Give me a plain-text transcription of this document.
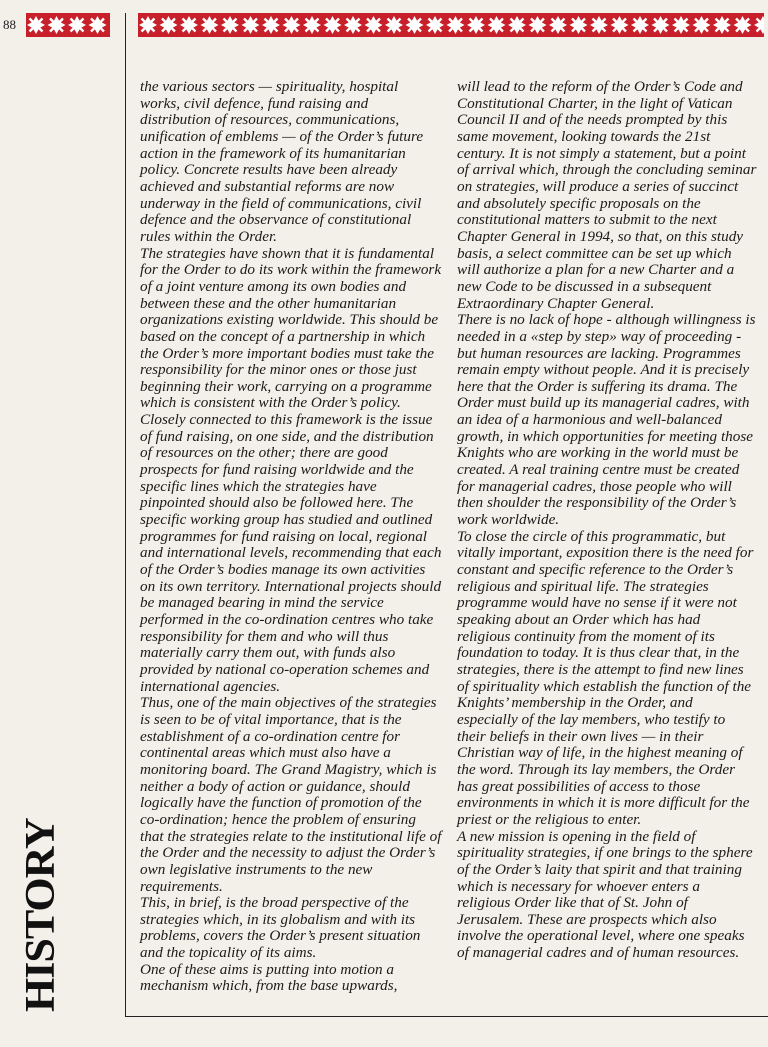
88
HISTORY

the various sectors — spirituality, hospital works, civil defence, fund raising and distribution of resources, communications, unification of emblems — of the Order’s future action in the framework of its humanitarian policy. Concrete results have been already achieved and substantial reforms are now underway in the field of communications, civil defence and the observance of constitutional rules within the Order.

The strategies have shown that it is fundamental for the Order to do its work within the framework of a joint venture among its own bodies and between these and the other humanitarian organizations existing worldwide. This should be based on the concept of a partnership in which the Order’s more important bodies must take the responsibility for the minor ones or those just beginning their work, carrying on a programme which is consistent with the Order’s policy.

Closely connected to this framework is the issue of fund raising, on one side, and the distribution of resources on the other; there are good prospects for fund raising worldwide and the specific lines which the strategies have pinpointed should also be followed here. The specific working group has studied and outlined programmes for fund raising on local, regional and international levels, recommending that each of the Order’s bodies manage its own activities on its own territory. International projects should be managed bearing in mind the service performed in the co-ordination centres who take responsibility for them and who will thus materially carry them out, with funds also provided by national co-operation schemes and international agencies.

Thus, one of the main objectives of the strategies is seen to be of vital importance, that is the establishment of a co-ordination centre for continental areas which must also have a monitoring board. The Grand Magistry, which is neither a body of action or guidance, should logically have the function of promotion of the co-ordination; hence the problem of ensuring that the strategies relate to the institutional life of the Order and the necessity to adjust the Order’s own legislative instruments to the new requirements.

This, in brief, is the broad perspective of the strategies which, in its globalism and with its problems, covers the Order’s present situation and the topicality of its aims.

One of these aims is putting into motion a mechanism which, from the base upwards,

will lead to the reform of the Order’s Code and Constitutional Charter, in the light of Vatican Council II and of the needs prompted by this same movement, looking towards the 21st century. It is not simply a statement, but a point of arrival which, through the concluding seminar on strategies, will produce a series of succinct and absolutely specific proposals on the constitutional matters to submit to the next Chapter General in 1994, so that, on this study basis, a select committee can be set up which will authorize a plan for a new Charter and a new Code to be discussed in a subsequent Extraordinary Chapter General.

There is no lack of hope - although willingness is needed in a «step by step» way of proceeding - but human resources are lacking. Programmes remain empty without people. And it is precisely here that the Order is suffering its drama. The Order must build up its managerial cadres, with an idea of a harmonious and well-balanced growth, in which opportunities for meeting those Knights who are working in the world must be created. A real training centre must be created for managerial cadres, those people who will then shoulder the responsibility of the Order’s work worldwide.

To close the circle of this programmatic, but vitally important, exposition there is the need for constant and specific reference to the Order’s religious and spiritual life. The strategies programme would have no sense if it were not speaking about an Order which has had religious continuity from the moment of its foundation to today. It is thus clear that, in the strategies, there is the attempt to find new lines of spirituality which establish the function of the Knights’ membership in the Order, and especially of the lay members, who testify to their beliefs in their own lives — in their Christian way of life, in the highest meaning of the word. Through its lay members, the Order has great possibilities of access to those environments in which it is more difficult for the priest or the religious to enter.

A new mission is opening in the field of spirituality strategies, if one brings to the sphere of the Order’s laity that spirit and that training which is necessary for whoever enters a religious Order like that of St. John of Jerusalem. These are prospects which also involve the operational level, where one speaks of managerial cadres and of human resources.
